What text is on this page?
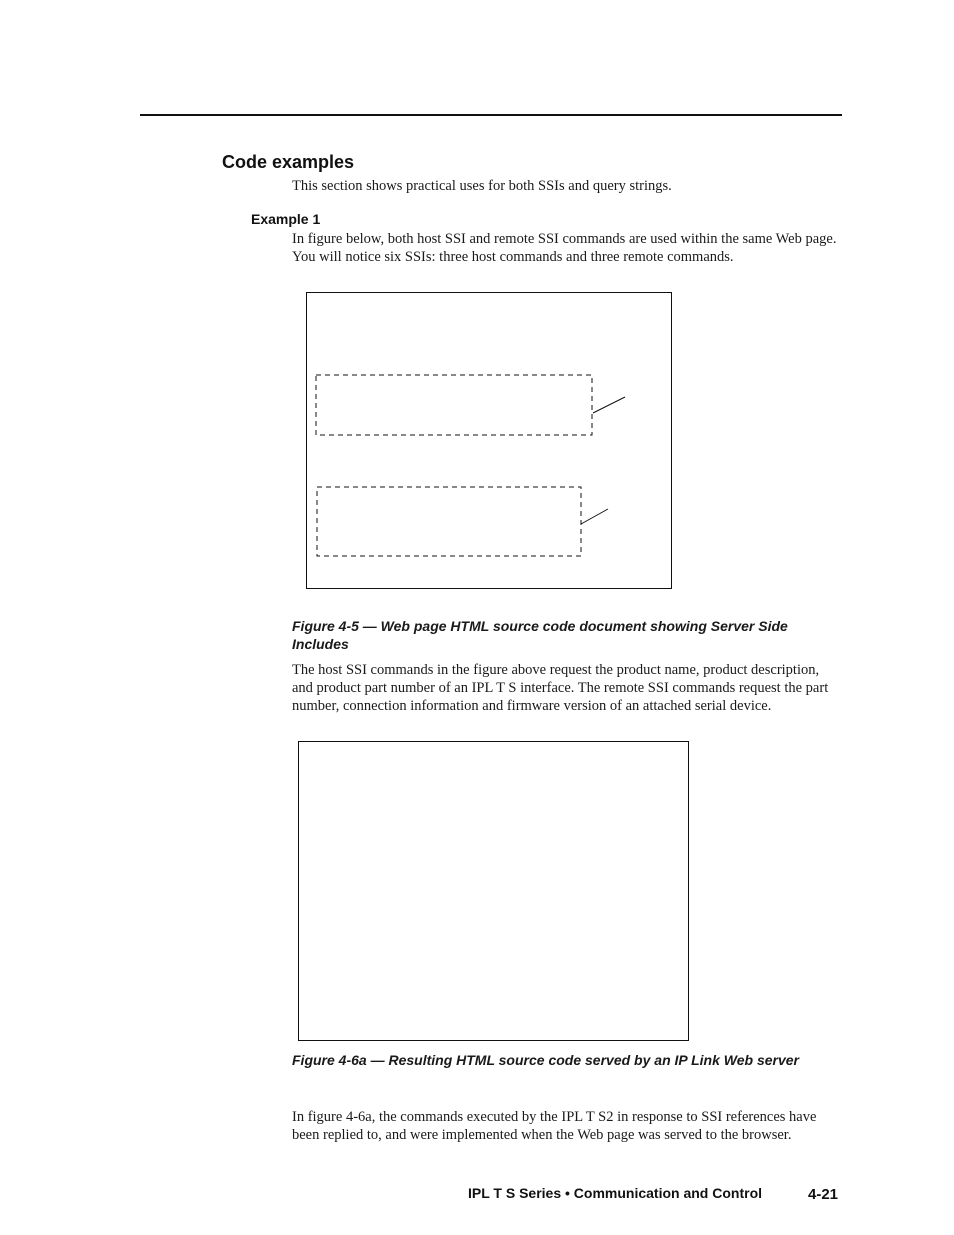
Code examples

This section shows practical uses for both SSIs and query strings.

Example 1

In figure below, both host SSI and remote SSI commands are used within the same Web page. You will notice six SSIs: three host commands and three remote commands.

Figure 4-5 — Web page HTML source code document showing Server Side Includes

The host SSI commands in the figure above request the product name, product description, and product part number of an IPL T S interface. The remote SSI commands request the part number, connection information and firmware version of an attached serial device.

Figure 4-6a — Resulting HTML source code served by an IP Link Web server

In figure 4-6a, the commands executed by the IPL T S2 in response to SSI references have been replied to, and were implemented when the Web page was served to the browser.

IPL T S Series • Communication and Control	4-21
